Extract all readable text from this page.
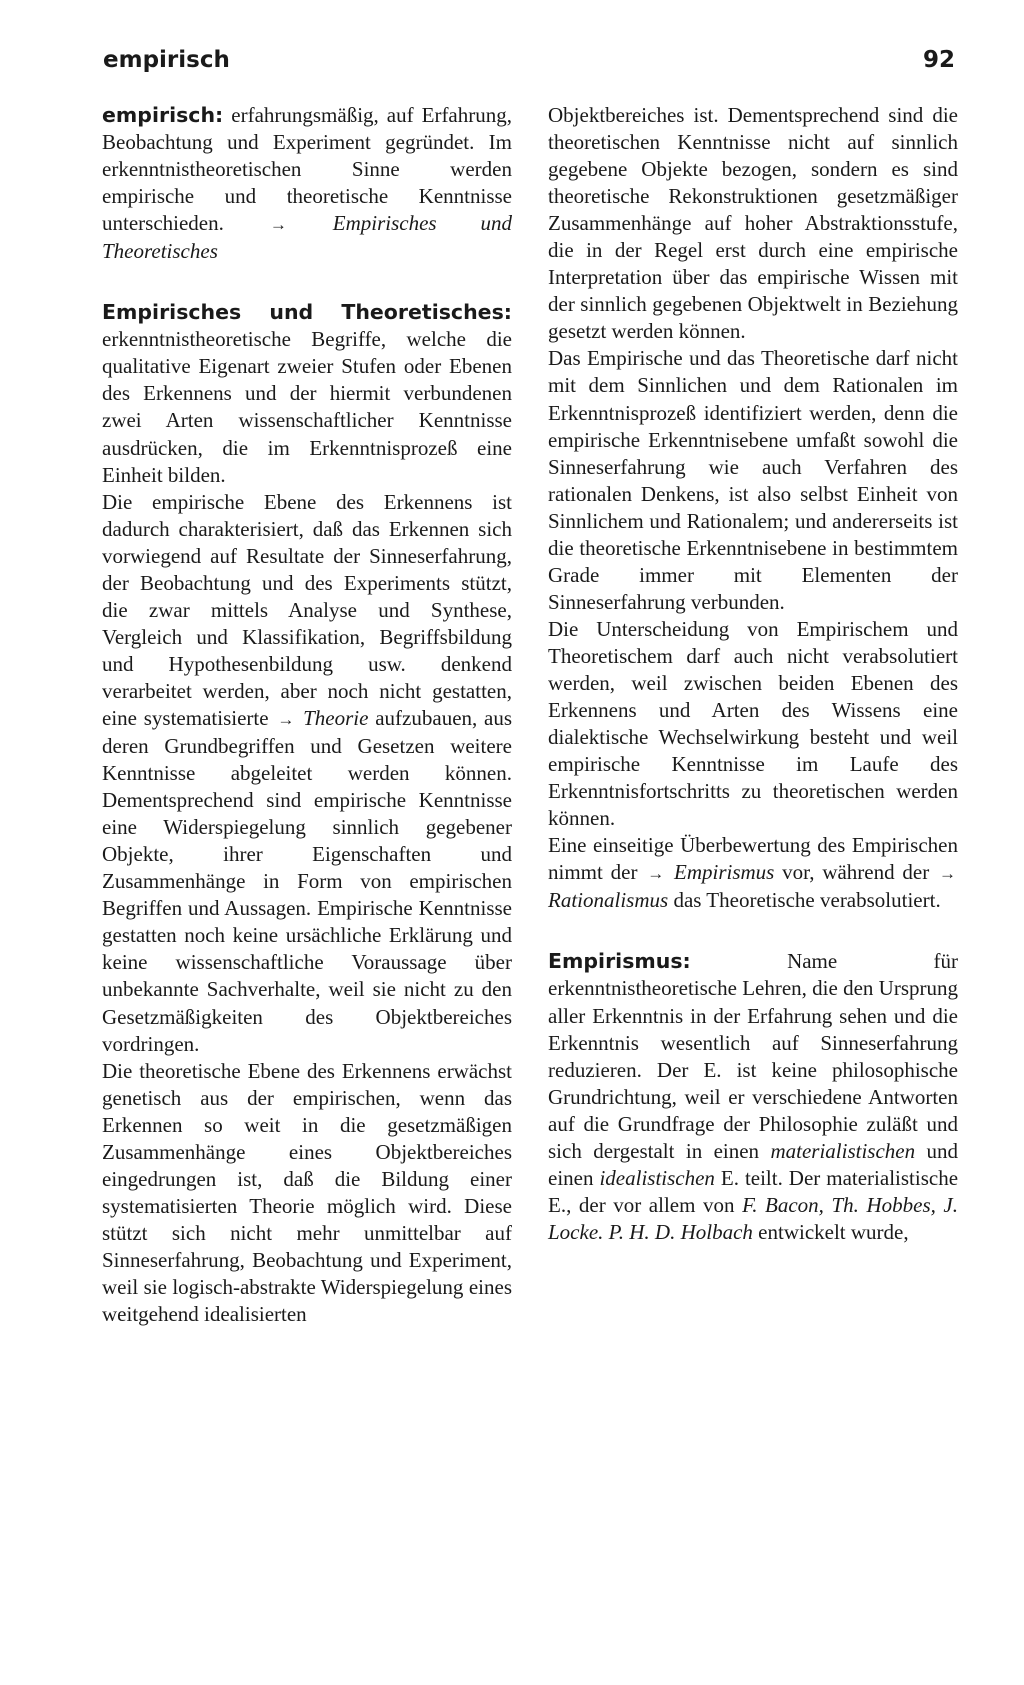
empirisch	92

empirisch: erfahrungsmäßig, auf Erfahrung, Beobachtung und Experiment gegründet. Im erkenntnistheoretischen Sinne werden empirische und theoretische Kenntnisse unterschieden.	→ Empirisches und Theoretisches

Empirisches und Theoretisches: erkenntnistheoretische Begriffe, welche die qualitative Eigenart zweier Stufen oder Ebenen des Erkennens und der hiermit verbundenen zwei Arten wissenschaftlicher Kenntnisse ausdrücken, die im Erkenntnisprozeß eine Einheit bilden.

Die empirische Ebene des Erkennens ist dadurch charakterisiert, daß das Erkennen sich vorwiegend auf Resultate der Sinneserfahrung, der Beobachtung und des Experiments stützt, die zwar mittels Analyse und Synthese, Vergleich und Klassifikation, Begriffsbildung und Hypothesenbildung usw. denkend verarbeitet werden, aber noch nicht gestatten, eine systematisierte → Theorie aufzubauen, aus deren Grundbegriffen und Gesetzen weitere Kenntnisse abgeleitet werden können. Dementsprechend sind empirische Kenntnisse eine Widerspiegelung sinnlich gegebener Objekte, ihrer Eigenschaften und Zusammenhänge in Form von empirischen Begriffen und Aussagen. Empirische Kenntnisse gestatten noch keine ursächliche Erklärung und keine wissenschaftliche Voraussage über unbekannte Sachverhalte, weil sie nicht zu den Gesetzmäßigkeiten des Objektbereiches vordringen.

Die theoretische Ebene des Erkennens erwächst genetisch aus der empirischen, wenn das Erkennen so weit in die gesetzmäßigen Zusammenhänge eines Objektbereiches eingedrungen ist, daß die Bildung einer systematisierten Theorie möglich wird. Diese stützt sich nicht mehr unmittelbar auf Sinneserfahrung, Beobachtung und Experiment, weil sie logisch-abstrakte Widerspiegelung eines weitgehend idealisierten

Objektbereiches ist. Dementsprechend sind die theoretischen Kenntnisse nicht auf sinnlich gegebene Objekte bezogen, sondern es sind theoretische Rekonstruktionen gesetzmäßiger Zusammenhänge auf hoher Abstraktionsstufe, die in der Regel erst durch eine empirische Interpretation über das empirische Wissen mit der sinnlich gegebenen Objektwelt in Beziehung gesetzt werden können.

Das Empirische und das Theoretische darf nicht mit dem Sinnlichen und dem Rationalen im Erkenntnisprozeß identifiziert werden, denn die empirische Erkenntnisebene umfaßt sowohl die Sinneserfahrung wie auch Verfahren des rationalen Denkens, ist also selbst Einheit von Sinnlichem und Rationalem; und andererseits ist die theoretische Erkenntnisebene in bestimmtem Grade immer mit Elementen der Sinneserfahrung verbunden.

Die Unterscheidung von Empirischem und Theoretischem darf auch nicht verabsolutiert werden, weil zwischen beiden Ebenen des Erkennens und Arten des Wissens eine dialektische Wechselwirkung besteht und weil empirische Kenntnisse im Laufe des Erkenntnisfortschritts zu theoretischen werden können.

Eine einseitige Überbewertung des Empirischen nimmt der → Empirismus vor, während der → Rationalismus das Theoretische verabsolutiert.

Empirismus:	Name für erkenntnistheoretische Lehren, die den Ursprung aller Erkenntnis in der Erfahrung sehen und die Erkenntnis wesentlich auf Sinneserfahrung reduzieren. Der E. ist keine philosophische Grundrichtung, weil er verschiedene Antworten auf die Grundfrage der Philosophie zuläßt und sich dergestalt in einen materialistischen und einen idealistischen E. teilt. Der materialistische E., der vor allem von F. Bacon, Th. Hobbes, J. Locke. P. H. D. Holbach entwickelt wurde,
